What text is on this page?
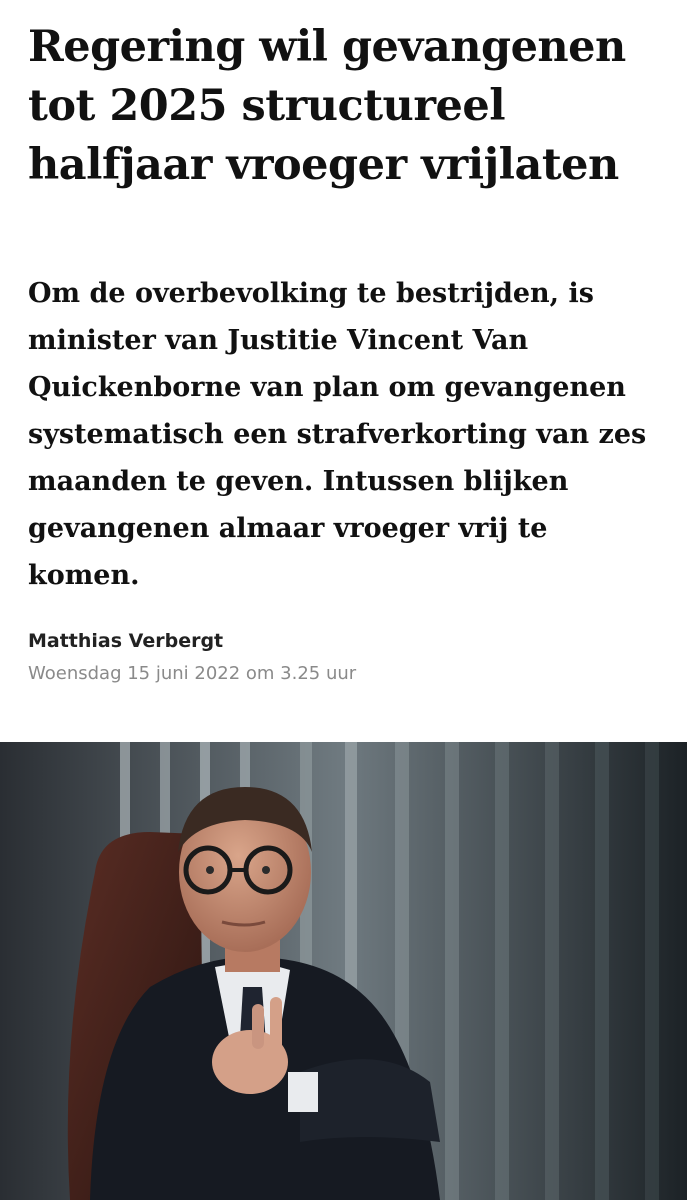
Regering wil gevangenen tot 2025 structureel halfjaar vroeger vrijlaten

Om de overbevolking te bestrijden, is minister van Justitie Vincent Van Quickenborne van plan om gevangenen systematisch een strafverkorting van zes maanden te geven. Intussen blijken gevangenen almaar vroeger vrij te komen.

Matthias Verbergt

Woensdag 15 juni 2022 om 3.25 uur
